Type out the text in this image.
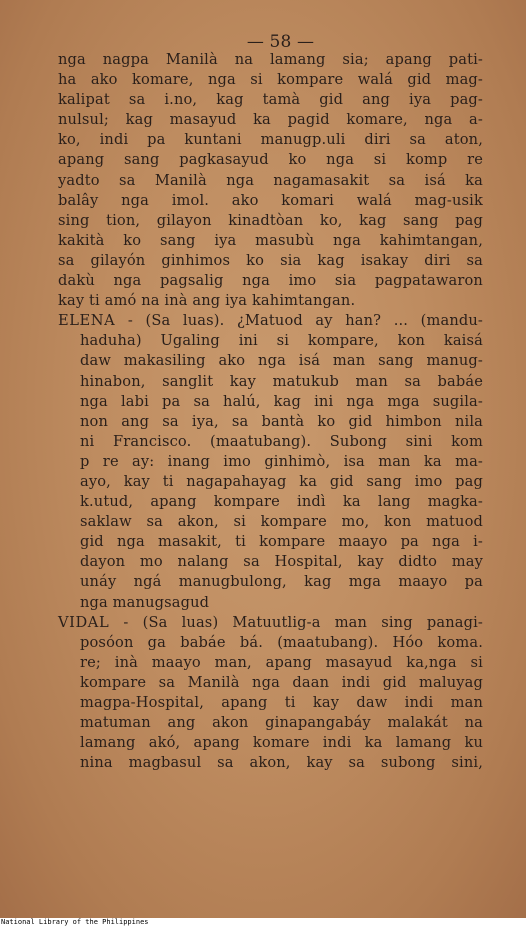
— 58 —
nga nagpa Manilà na lamang sia; apang pati-
ha ako komare, nga si kompare walá gid mag-
kalipat sa i.no, kag tamà gid ang iya pag-
nulsul; kag masayud ka pagid komare, nga a-
ko, indi pa kuntani manugp.uli diri sa aton,
apang sang pagkasayud ko nga si komp re
yadto sa Manilà nga nagamasakit sa isá ka
balây nga imol. ako komari walá mag-usik
sing tion, gilayon kinadtòan ko, kag sang pag
kakità ko sang iya masubù nga kahimtangan,
sa gilayón ginhimos ko sia kag isakay diri sa
dakù nga pagsalig nga imo sia pagpatawaron
kay ti amó na inà ang iya kahimtangan.
ELENA - (Sa luas). ¿Matuod ay han? ... (mandu-
haduha) Ugaling ini si kompare, kon kaisá
daw makasiling ako nga isá man sang manug-
hinabon, sanglit kay matukub man sa babáe
nga labi pa sa halú, kag ini nga mga sugila-
non ang sa iya, sa bantà ko gid himbon nila
ni Francisco. (maatubang). Subong sini kom
p re ay: inang imo ginhimò, isa man ka ma-
ayo, kay ti nagapahayag ka gid sang imo pag
k.utud, apang kompare indì ka lang magka-
saklaw sa akon, si kompare mo, kon matuod
gid nga masakit, ti kompare maayo pa nga i-
dayon mo nalang sa Hospital, kay didto may
unáy ngá manugbulong, kag mga maayo pa
nga manugsagud
VIDAL - (Sa luas) Matuutlig-a man sing panagi-
posóon ga babáe bá. (maatubang). Hóo koma.
re; inà maayo man, apang masayud ka,nga si
kompare sa Manilà nga daan indi gid maluyag
magpa-Hospital, apang ti kay daw indi man
matuman ang akon ginapangabáy malakát na
lamang akó, apang komare indi ka lamang ku
nina magbasul sa akon, kay sa subong sini,
National Library of the Philippines
